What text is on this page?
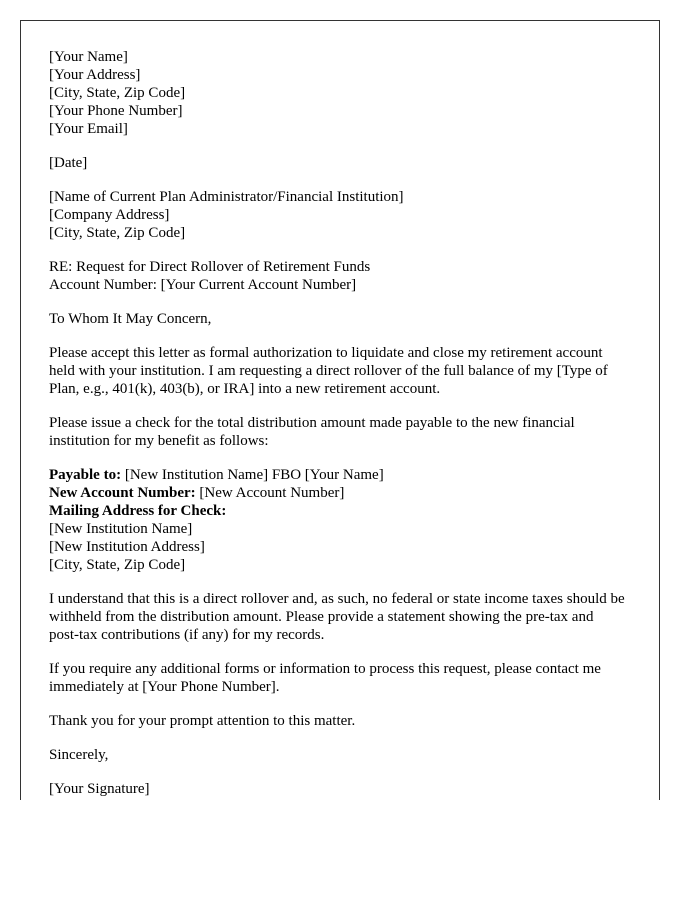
[Your Name]
[Your Address]
[City, State, Zip Code]
[Your Phone Number]
[Your Email]

[Date]

[Name of Current Plan Administrator/Financial Institution]
[Company Address]
[City, State, Zip Code]

RE: Request for Direct Rollover of Retirement Funds
Account Number: [Your Current Account Number]

To Whom It May Concern,

Please accept this letter as formal authorization to liquidate and close my retirement account held with your institution. I am requesting a direct rollover of the full balance of my [Type of Plan, e.g., 401(k), 403(b), or IRA] into a new retirement account.

Please issue a check for the total distribution amount made payable to the new financial institution for my benefit as follows:

Payable to: [New Institution Name] FBO [Your Name]
New Account Number: [New Account Number]
Mailing Address for Check:
[New Institution Name]
[New Institution Address]
[City, State, Zip Code]

I understand that this is a direct rollover and, as such, no federal or state income taxes should be withheld from the distribution amount. Please provide a statement showing the pre-tax and post-tax contributions (if any) for my records.

If you require any additional forms or information to process this request, please contact me immediately at [Your Phone Number].

Thank you for your prompt attention to this matter.

Sincerely,

[Your Signature]
